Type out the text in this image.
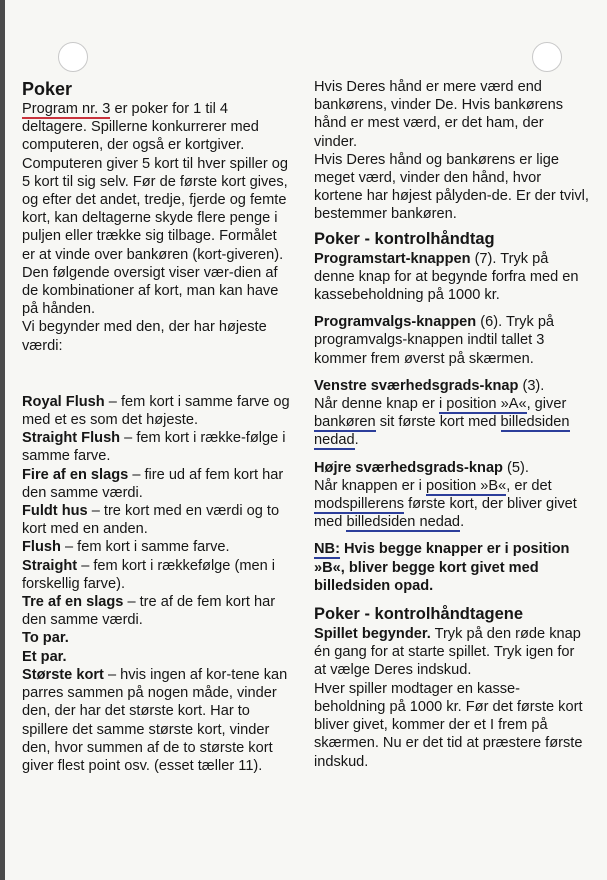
Poker

Program nr. 3 er poker for 1 til 4 deltagere. Spillerne konkurrerer med computeren, der også er kortgiver. Computeren giver 5 kort til hver spiller og 5 kort til sig selv. Før de første kort gives, og efter det andet, tredje, fjerde og femte kort, kan deltagerne skyde flere penge i puljen eller trække sig tilbage. Formålet er at vinde over bankøren (kort-giveren).

Den følgende oversigt viser vær-dien af de kombinationer af kort, man kan have på hånden.

Vi begynder med den, der har højeste værdi:

Royal Flush – fem kort i samme farve og med et es som det højeste.

Straight Flush – fem kort i række-følge i samme farve.

Fire af en slags – fire ud af fem kort har den samme værdi.

Fuldt hus – tre kort med en værdi og to kort med en anden.

Flush – fem kort i samme farve.

Straight – fem kort i rækkefølge (men i forskellig farve).

Tre af en slags – tre af de fem kort har den samme værdi.

To par.

Et par.

Største kort – hvis ingen af kor-tene kan parres sammen på nogen måde, vinder den, der har det største kort. Har to spillere det samme største kort, vinder den, hvor summen af de to største kort giver flest point osv. (esset tæller 11).

Hvis Deres hånd er mere værd end bankørens, vinder De. Hvis bankørens hånd er mest værd, er det ham, der vinder.

Hvis Deres hånd og bankørens er lige meget værd, vinder den hånd, hvor kortene har højest pålyden-de. Er der tvivl, bestemmer bankøren.

Poker - kontrolhåndtag

Programstart-knappen (7). Tryk på denne knap for at begynde forfra med en kassebeholdning på 1000 kr.

Programvalgs-knappen (6). Tryk på programvalgs-knappen indtil tallet 3 kommer frem øverst på skærmen.

Venstre sværhedsgrads-knap (3).
Når denne knap er i position »A«, giver bankøren sit første kort med billedsiden nedad.

Højre sværhedsgrads-knap (5).
Når knappen er i position »B«, er det modspillerens første kort, der bliver givet med billedsiden nedad.

NB: Hvis begge knapper er i position »B«, bliver begge kort givet med billedsiden opad.

Poker - kontrolhåndtagene

Spillet begynder. Tryk på den røde knap én gang for at starte spillet. Tryk igen for at vælge Deres indskud.

Hver spiller modtager en kasse-beholdning på 1000 kr. Før det første kort bliver givet, kommer der et I frem på skærmen. Nu er det tid at præstere første indskud.
